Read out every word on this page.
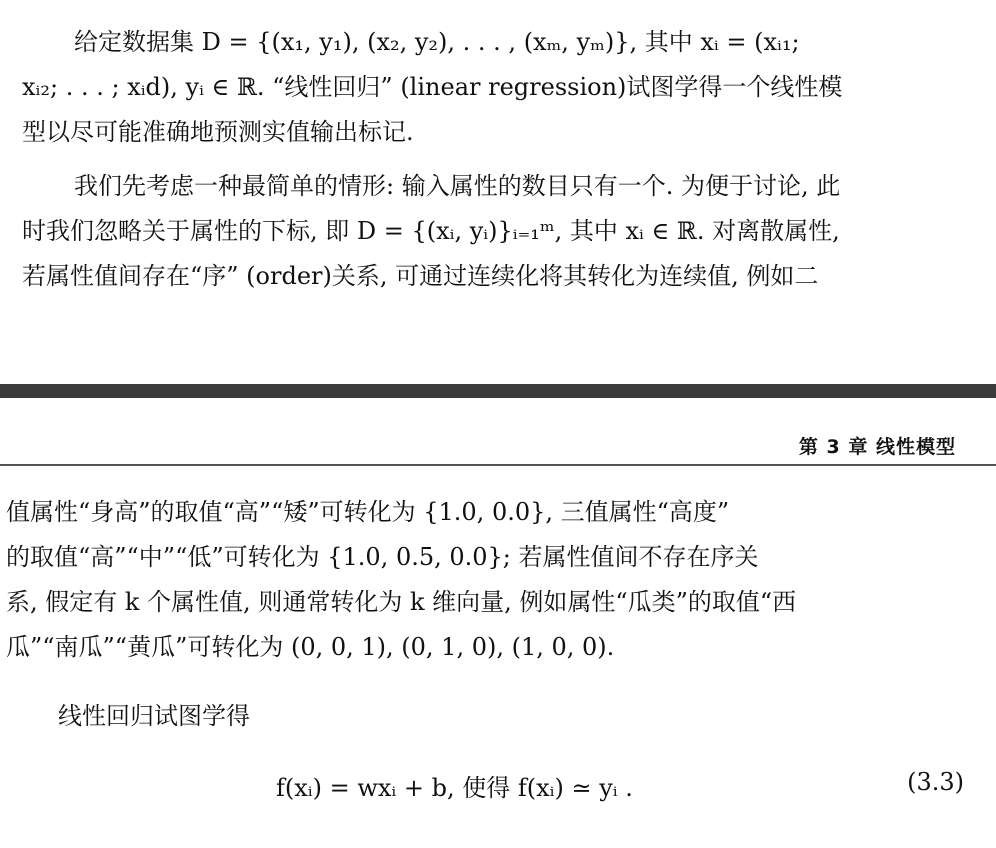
给定数据集 D = {(x₁, y₁), (x₂, y₂), . . . , (xₘ, yₘ)}, 其中 xᵢ = (xᵢ₁;
xᵢ₂; . . . ; xᵢd), yᵢ ∈ ℝ. “线性回归” (linear regression)试图学得一个线性模
型以尽可能准确地预测实值输出标记.
我们先考虑一种最简单的情形: 输入属性的数目只有一个. 为便于讨论, 此
时我们忽略关于属性的下标, 即 D = {(xᵢ, yᵢ)}ᵢ₌₁ᵐ, 其中 xᵢ ∈ ℝ. 对离散属性,
若属性值间存在“序” (order)关系, 可通过连续化将其转化为连续值, 例如二
第 3 章 线性模型
值属性“身高”的取值“高”“矮”可转化为 {1.0, 0.0}, 三值属性“高度”
的取值“高”“中”“低”可转化为 {1.0, 0.5, 0.0}; 若属性值间不存在序关
系, 假定有 k 个属性值, 则通常转化为 k 维向量, 例如属性“瓜类”的取值“西
瓜”“南瓜”“黄瓜”可转化为 (0, 0, 1), (0, 1, 0), (1, 0, 0).
线性回归试图学得
f(xᵢ) = wxᵢ + b, 使得 f(xᵢ) ≃ yᵢ .	(3.3)
